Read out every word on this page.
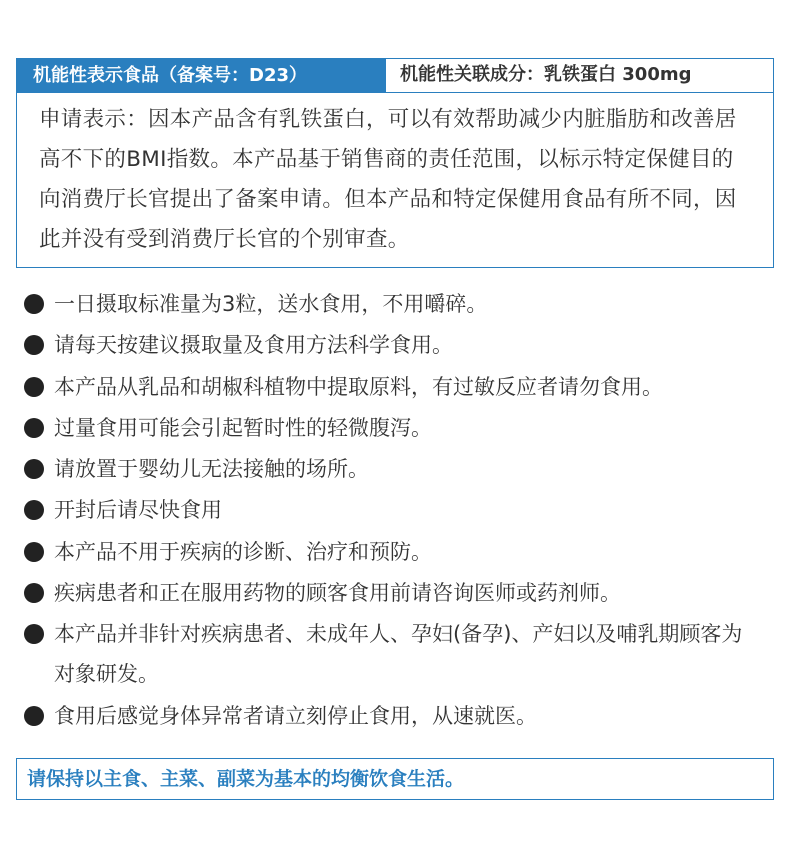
机能性表示食品（备案号：D23）	机能性关联成分：乳铁蛋白 300mg
申请表示：因本产品含有乳铁蛋白，可以有效帮助减少内脏脂肪和改善居高不下的BMI指数。本产品基于销售商的责任范围，以标示特定保健目的向消费厅长官提出了备案申请。但本产品和特定保健用食品有所不同，因此并没有受到消费厅长官的个别审查。
一日摄取标准量为3粒，送水食用，不用嚼碎。
请每天按建议摄取量及食用方法科学食用。
本产品从乳品和胡椒科植物中提取原料，有过敏反应者请勿食用。
过量食用可能会引起暂时性的轻微腹泻。
请放置于婴幼儿无法接触的场所。
开封后请尽快食用
本产品不用于疾病的诊断、治疗和预防。
疾病患者和正在服用药物的顾客食用前请咨询医师或药剂师。
本产品并非针对疾病患者、未成年人、孕妇(备孕)、产妇以及哺乳期顾客为对象研发。
食用后感觉身体异常者请立刻停止食用，从速就医。
请保持以主食、主菜、副菜为基本的均衡饮食生活。
